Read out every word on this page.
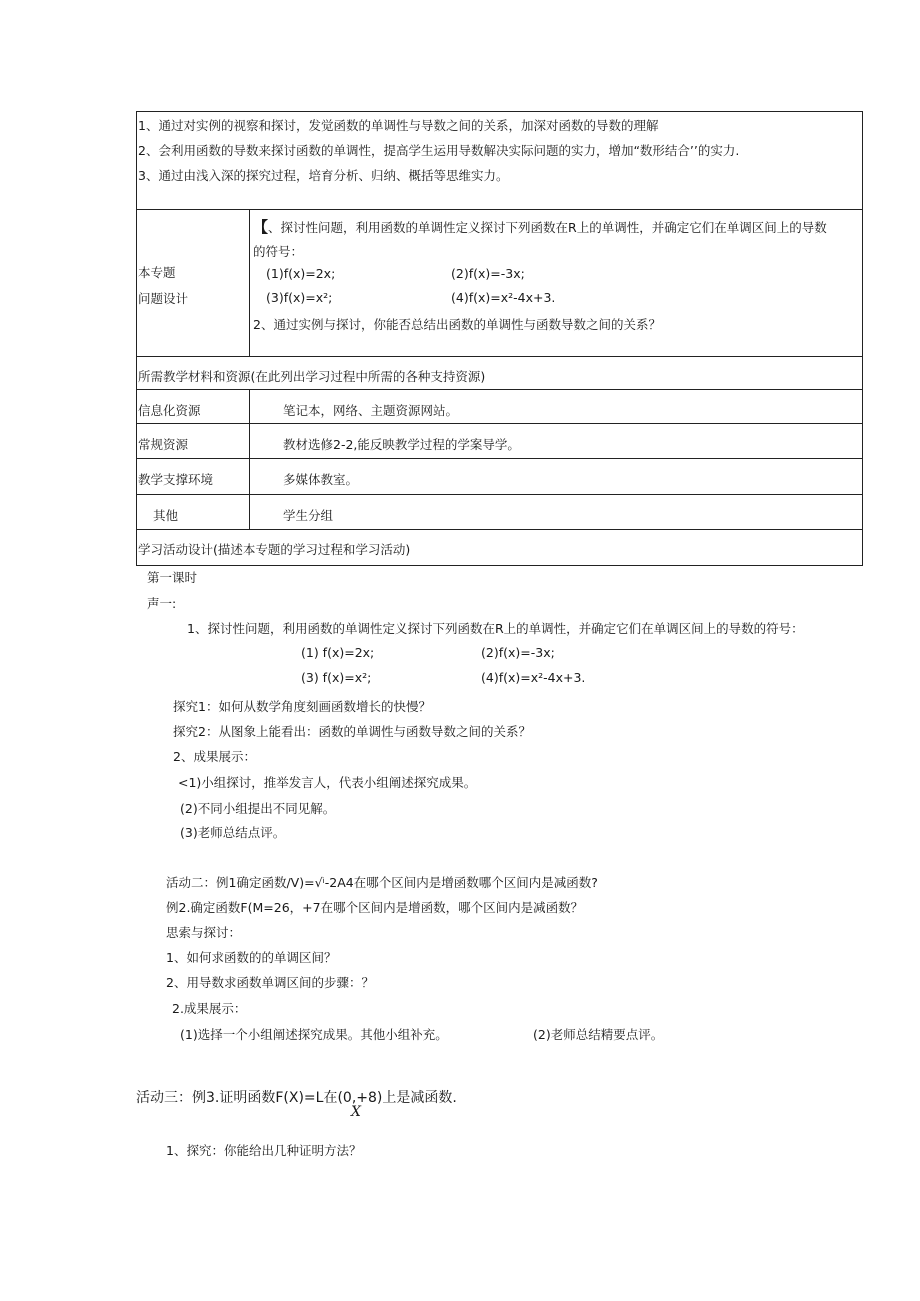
1、通过对实例的视察和探讨，发觉函数的单调性与导数之间的关系，加深对函数的导数的理解
2、会利用函数的导数来探讨函数的单调性，提高学生运用导数解决实际问题的实力，增加“数形结合’’的实力.
3、通过由浅入深的探究过程，培育分析、归纳、概括等思维实力。
本专题
问题设计
【、探讨性问题，利用函数的单调性定义探讨下列函数在R上的单调性，并确定它们在单调区间上的导数
的符号：
(1)f(x)=2x;	(2)f(x)=-3x;
(3)f(x)=x²;	(4)f(x)=x²-4x+3.
2、通过实例与探讨，你能否总结出函数的单调性与函数导数之间的关系？
所需教学材料和资源(在此列出学习过程中所需的各种支持资源)
信息化资源	笔记本，网络、主题资源网站。
常规资源	教材选修2-2,能反映教学过程的学案导学。
教学支撑环境	多媒体教室。
其他	学生分组
学习活动设计(描述本专题的学习过程和学习活动)
第一课时
声一:
1、探讨性问题，利用函数的单调性定义探讨下列函数在R上的单调性，并确定它们在单调区间上的导数的符号：
(1) f(x)=2x;	(2)f(x)=-3x;
(3) f(x)=x²;	(4)f(x)=x²-4x+3.
探究1：如何从数学角度刻画函数增长的快慢？
探究2：从图象上能看出：函数的单调性与函数导数之间的关系？
2、成果展示：
<1)小组探讨，推举发言人，代表小组阐述探究成果。
(2)不同小组提出不同见解。
(3)老师总结点评。
活动二：例1确定函数/V)=√ⁱ-2A4在哪个区间内是增函数哪个区间内是减函数?
例2.确定函数F(M=26，+7在哪个区间内是增函数，哪个区间内是减函数？
思索与探讨：
1、如何求函数的的单调区间？
2、用导数求函数单调区间的步骤：？
2.成果展示：
(1)选择一个小组阐述探究成果。其他小组补充。	(2)老师总结精要点评。
活动三：例3.证明函数F(X)=L在(0,+8)上是减函数.
X
1、探究：你能给出几种证明方法？
